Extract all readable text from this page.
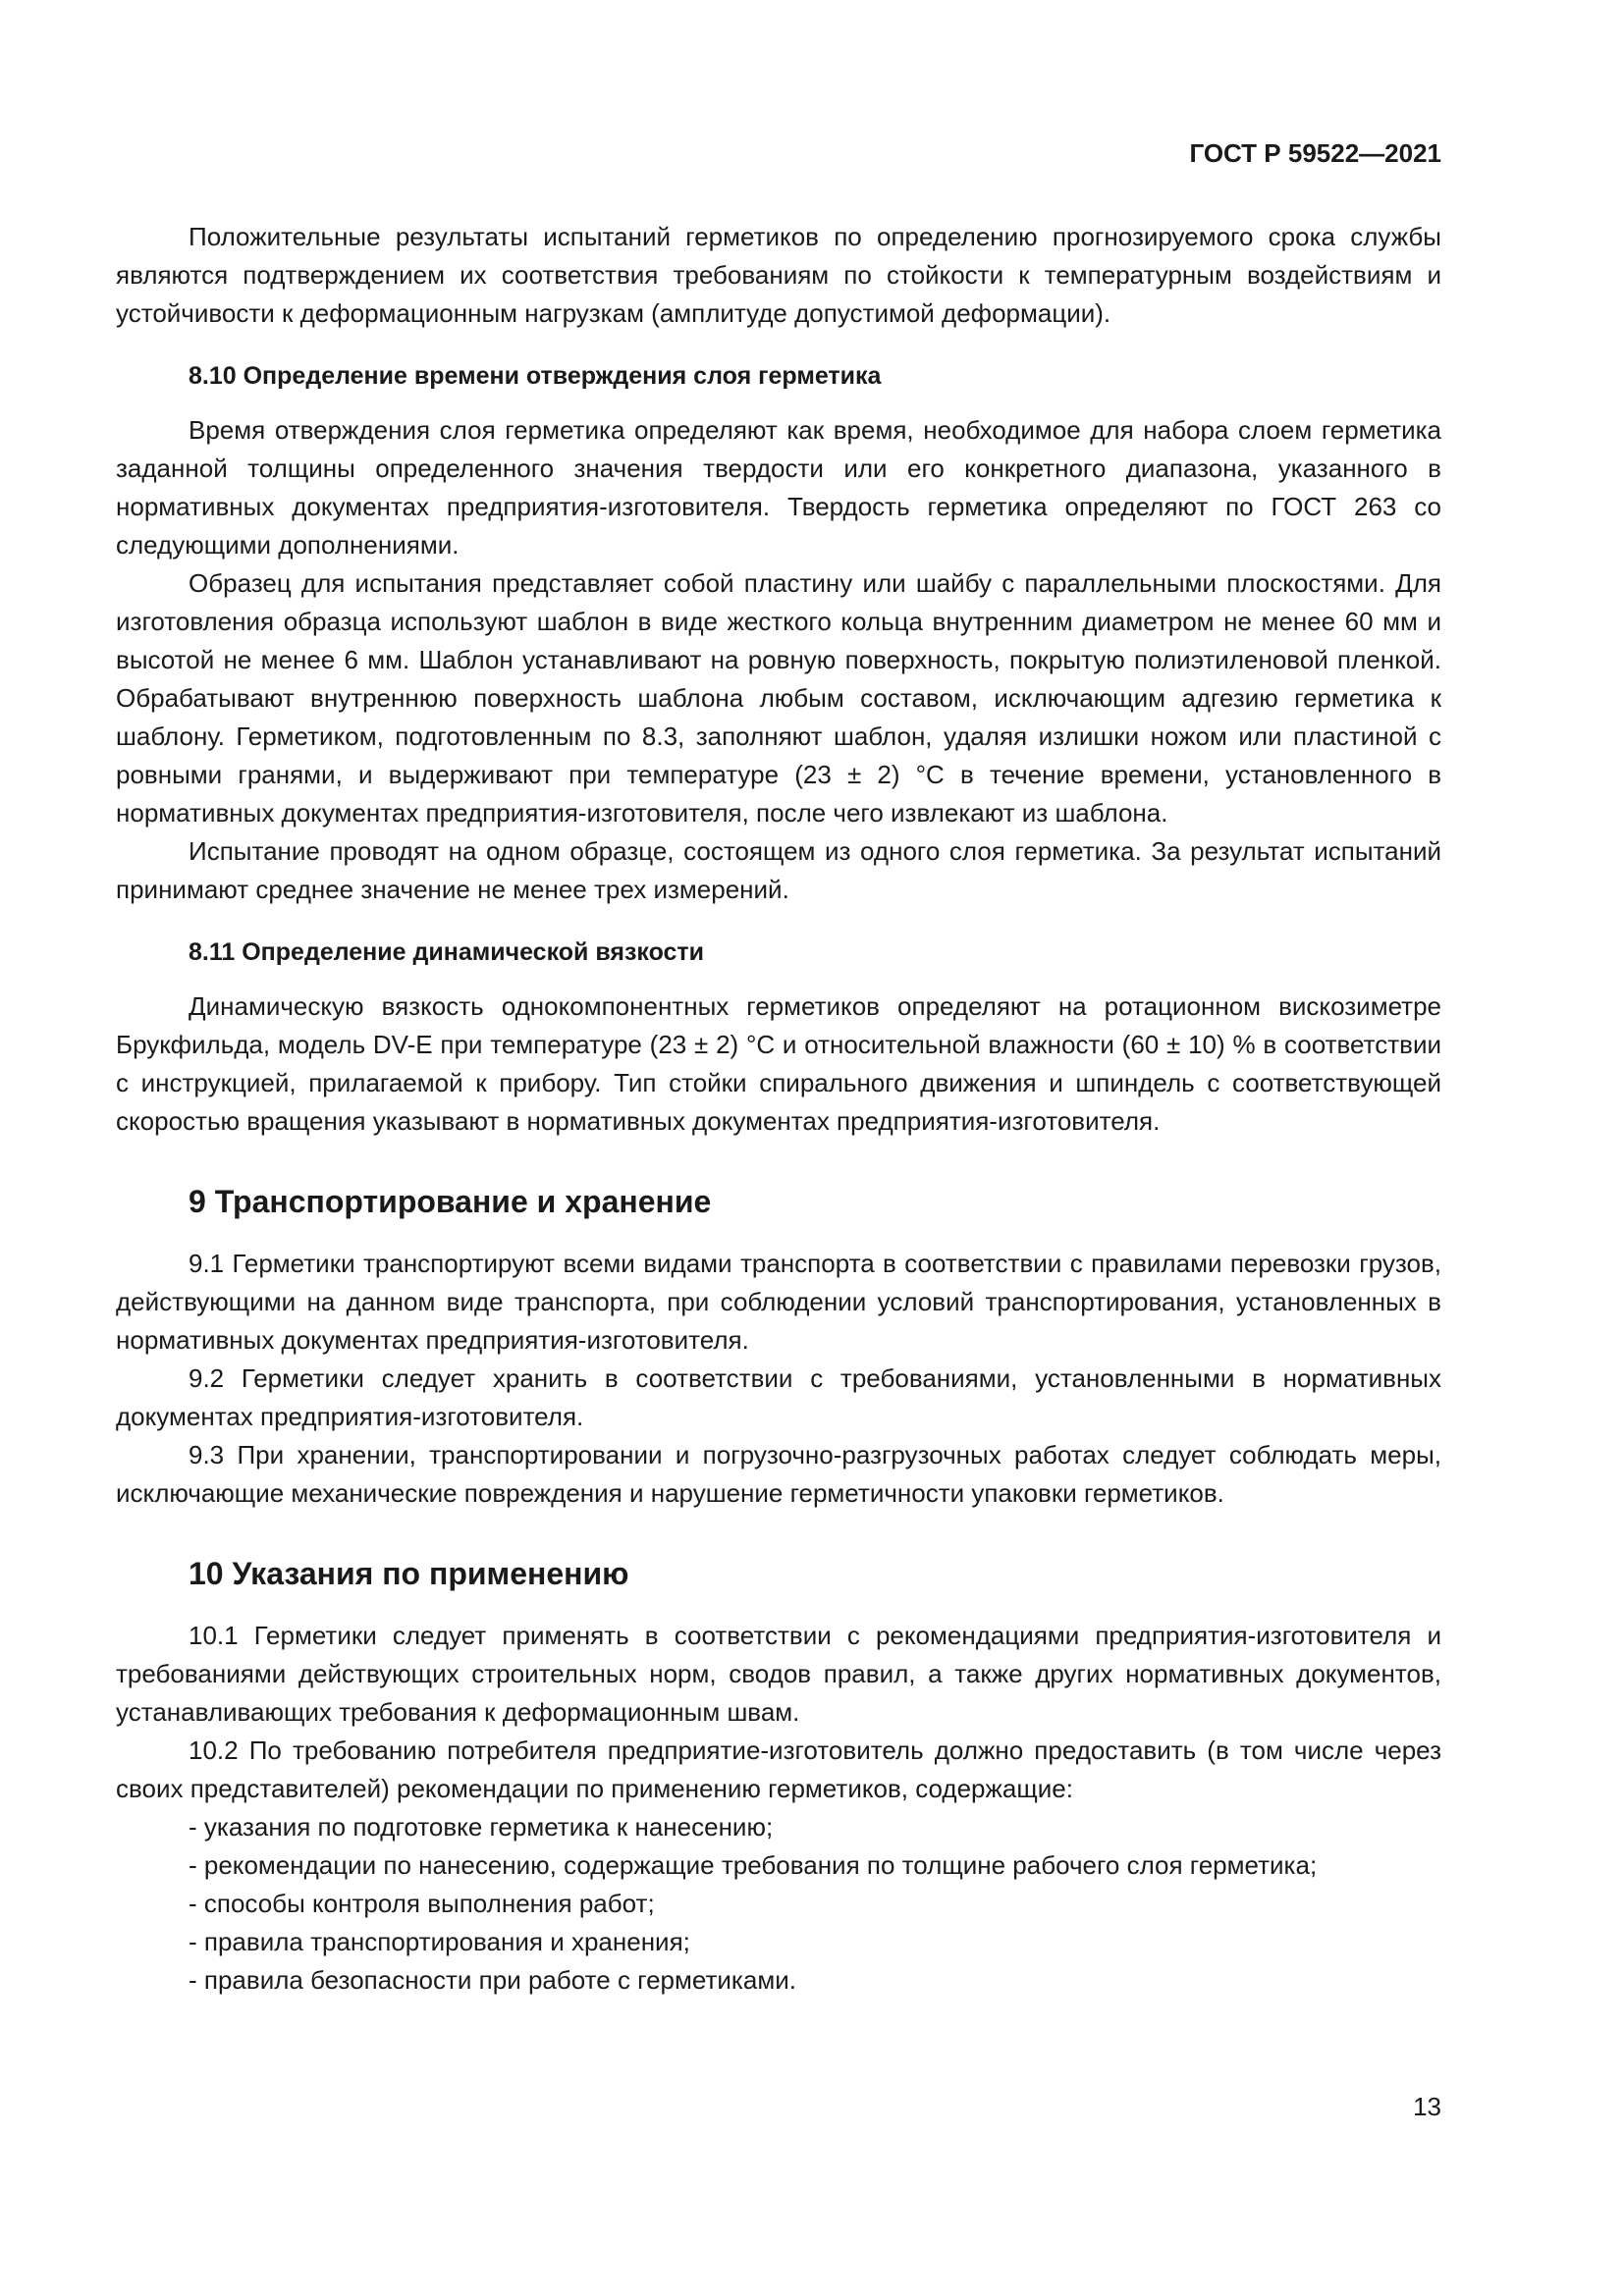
ГОСТ Р 59522—2021

Положительные результаты испытаний герметиков по определению прогнозируемого срока службы являются подтверждением их соответствия требованиям по стойкости к температурным воздействиям и устойчивости к деформационным нагрузкам (амплитуде допустимой деформации).

8.10 Определение времени отверждения слоя герметика

Время отверждения слоя герметика определяют как время, необходимое для набора слоем герметика заданной толщины определенного значения твердости или его конкретного диапазона, указанного в нормативных документах предприятия-изготовителя. Твердость герметика определяют по ГОСТ 263 со следующими дополнениями.

Образец для испытания представляет собой пластину или шайбу с параллельными плоскостями. Для изготовления образца используют шаблон в виде жесткого кольца внутренним диаметром не менее 60 мм и высотой не менее 6 мм. Шаблон устанавливают на ровную поверхность, покрытую полиэтиленовой пленкой. Обрабатывают внутреннюю поверхность шаблона любым составом, исключающим адгезию герметика к шаблону. Герметиком, подготовленным по 8.3, заполняют шаблон, удаляя излишки ножом или пластиной с ровными гранями, и выдерживают при температуре (23 ± 2) °С в течение времени, установленного в нормативных документах предприятия-изготовителя, после чего извлекают из шаблона.

Испытание проводят на одном образце, состоящем из одного слоя герметика. За результат испытаний принимают среднее значение не менее трех измерений.

8.11 Определение динамической вязкости

Динамическую вязкость однокомпонентных герметиков определяют на ротационном вискозиметре Брукфильда, модель DV-E при температуре (23 ± 2) °С и относительной влажности (60 ± 10) % в соответствии с инструкцией, прилагаемой к прибору. Тип стойки спирального движения и шпиндель с соответствующей скоростью вращения указывают в нормативных документах предприятия-изготовителя.

9 Транспортирование и хранение

9.1 Герметики транспортируют всеми видами транспорта в соответствии с правилами перевозки грузов, действующими на данном виде транспорта, при соблюдении условий транспортирования, установленных в нормативных документах предприятия-изготовителя.

9.2 Герметики следует хранить в соответствии с требованиями, установленными в нормативных документах предприятия-изготовителя.

9.3 При хранении, транспортировании и погрузочно-разгрузочных работах следует соблюдать меры, исключающие механические повреждения и нарушение герметичности упаковки герметиков.

10 Указания по применению

10.1 Герметики следует применять в соответствии с рекомендациями предприятия-изготовителя и требованиями действующих строительных норм, сводов правил, а также других нормативных документов, устанавливающих требования к деформационным швам.

10.2 По требованию потребителя предприятие-изготовитель должно предоставить (в том числе через своих представителей) рекомендации по применению герметиков, содержащие:

- указания по подготовке герметика к нанесению;
- рекомендации по нанесению, содержащие требования по толщине рабочего слоя герметика;
- способы контроля выполнения работ;
- правила транспортирования и хранения;
- правила безопасности при работе с герметиками.
13
